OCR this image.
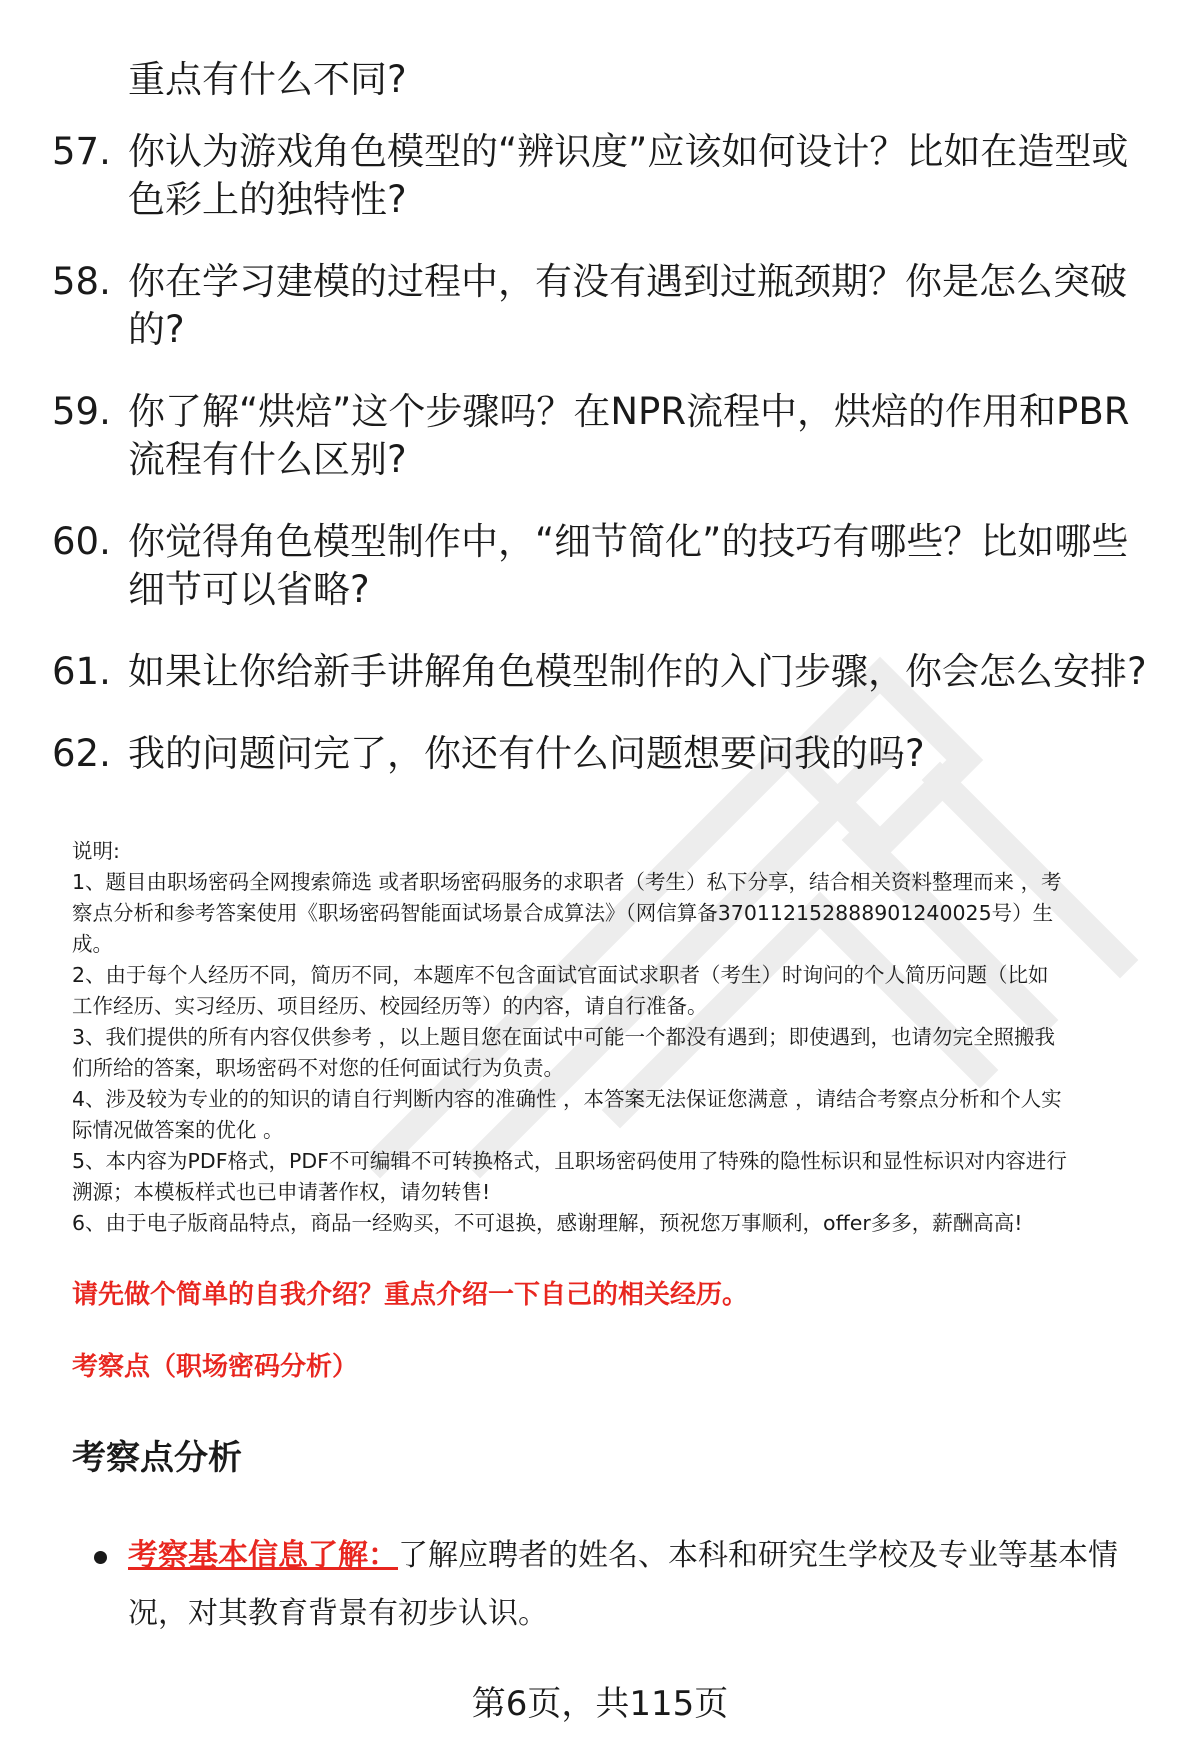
重点有什么不同?
57. 你认为游戏角色模型的“辨识度”应该如何设计？比如在造型或
色彩上的独特性?
58. 你在学习建模的过程中，有没有遇到过瓶颈期？你是怎么突破
的?
59. 你了解“烘焙”这个步骤吗？在NPR流程中，烘焙的作用和PBR
流程有什么区别?
60. 你觉得角色模型制作中，“细节简化”的技巧有哪些？比如哪些
细节可以省略?
61. 如果让你给新手讲解角色模型制作的入门步骤，你会怎么安排?
62. 我的问题问完了，你还有什么问题想要问我的吗?

说明:

1、题目由职场密码全网搜索筛选 或者职场密码服务的求职者（考生）私下分享，结合相关资料整理而来 ，考
察点分析和参考答案使用《职场密码智能面试场景合成算法》（网信算备370112152888901240025号）生
成。

2、由于每个人经历不同，简历不同，本题库不包含面试官面试求职者（考生）时询问的个人简历问题（比如
工作经历、实习经历、项目经历、校园经历等）的内容，请自行准备。

3、我们提供的所有内容仅供参考 ，以上题目您在面试中可能一个都没有遇到；即使遇到，也请勿完全照搬我
们所给的答案，职场密码不对您的任何面试行为负责。

4、涉及较为专业的的知识的请自行判断内容的准确性 ，本答案无法保证您满意 ，请结合考察点分析和个人实
际情况做答案的优化 。

5、本内容为PDF格式，PDF不可编辑不可转换格式，且职场密码使用了特殊的隐性标识和显性标识对内容进行
溯源；本模板样式也已申请著作权，请勿转售!

6、由于电子版商品特点，商品一经购买，不可退换，感谢理解，预祝您万事顺利，offer多多，薪酬高高!

请先做个简单的自我介绍？重点介绍一下自己的相关经历。
考察点（职场密码分析）
考察点分析
考察基本信息了解：了解应聘者的姓名、本科和研究生学校及专业等基本情
况，对其教育背景有初步认识。
第6页，共115页
